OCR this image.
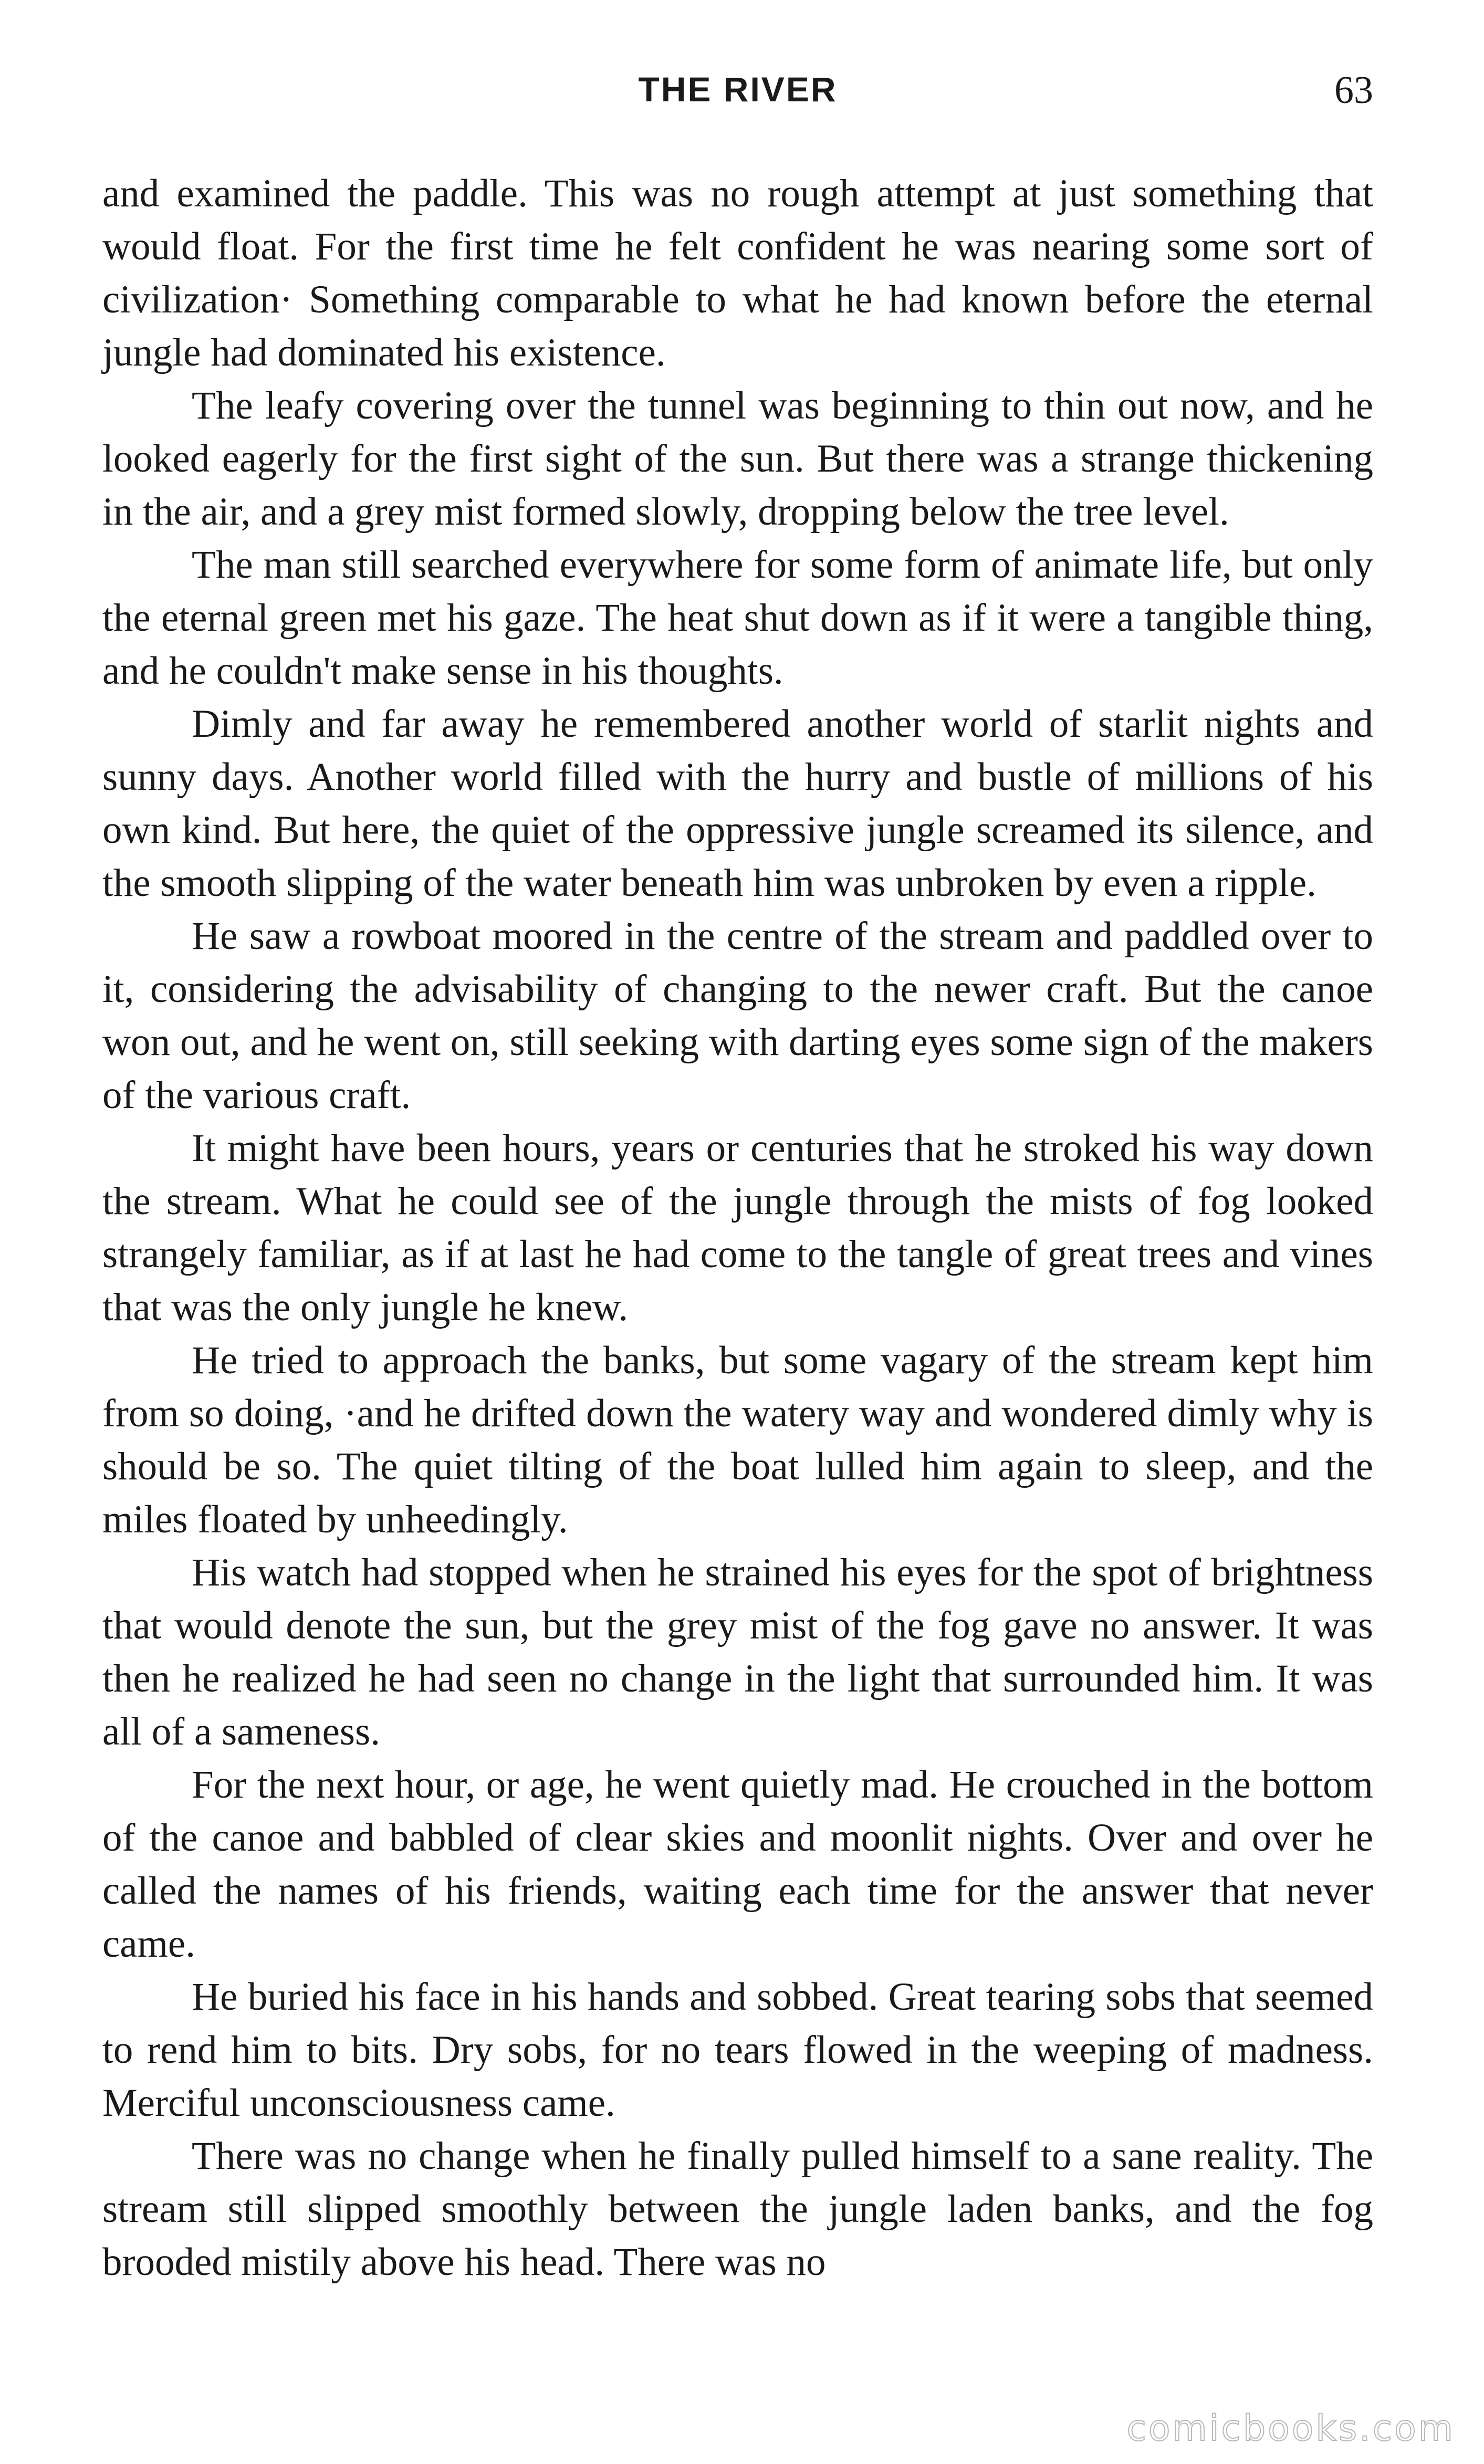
THE RIVER	63

and examined the paddle. This was no rough attempt at just something that would float. For the first time he felt confident he was nearing some sort of civilization· Something comparable to what he had known before the eternal jungle had dominated his existence.

The leafy covering over the tunnel was beginning to thin out now, and he looked eagerly for the first sight of the sun. But there was a strange thickening in the air, and a grey mist formed slowly, dropping below the tree level.

The man still searched everywhere for some form of animate life, but only the eternal green met his gaze. The heat shut down as if it were a tangible thing, and he couldn't make sense in his thoughts.

Dimly and far away he remembered another world of starlit nights and sunny days. Another world filled with the hurry and bustle of millions of his own kind. But here, the quiet of the oppressive jungle screamed its silence, and the smooth slipping of the water beneath him was unbroken by even a ripple.

He saw a rowboat moored in the centre of the stream and paddled over to it, considering the advisability of changing to the newer craft. But the canoe won out, and he went on, still seeking with darting eyes some sign of the makers of the various craft.

It might have been hours, years or centuries that he stroked his way down the stream. What he could see of the jungle through the mists of fog looked strangely familiar, as if at last he had come to the tangle of great trees and vines that was the only jungle he knew.

He tried to approach the banks, but some vagary of the stream kept him from so doing, ·and he drifted down the watery way and wondered dimly why is should be so. The quiet tilting of the boat lulled him again to sleep, and the miles floated by unheedingly.

His watch had stopped when he strained his eyes for the spot of brightness that would denote the sun, but the grey mist of the fog gave no answer. It was then he realized he had seen no change in the light that surrounded him. It was all of a sameness.

For the next hour, or age, he went quietly mad. He crouched in the bottom of the canoe and babbled of clear skies and moonlit nights. Over and over he called the names of his friends, waiting each time for the answer that never came.

He buried his face in his hands and sobbed. Great tearing sobs that seemed to rend him to bits. Dry sobs, for no tears flowed in the weeping of madness. Merciful unconsciousness came.

There was no change when he finally pulled himself to a sane reality. The stream still slipped smoothly between the jungle laden banks, and the fog brooded mistily above his head. There was no

comicbooks.com
